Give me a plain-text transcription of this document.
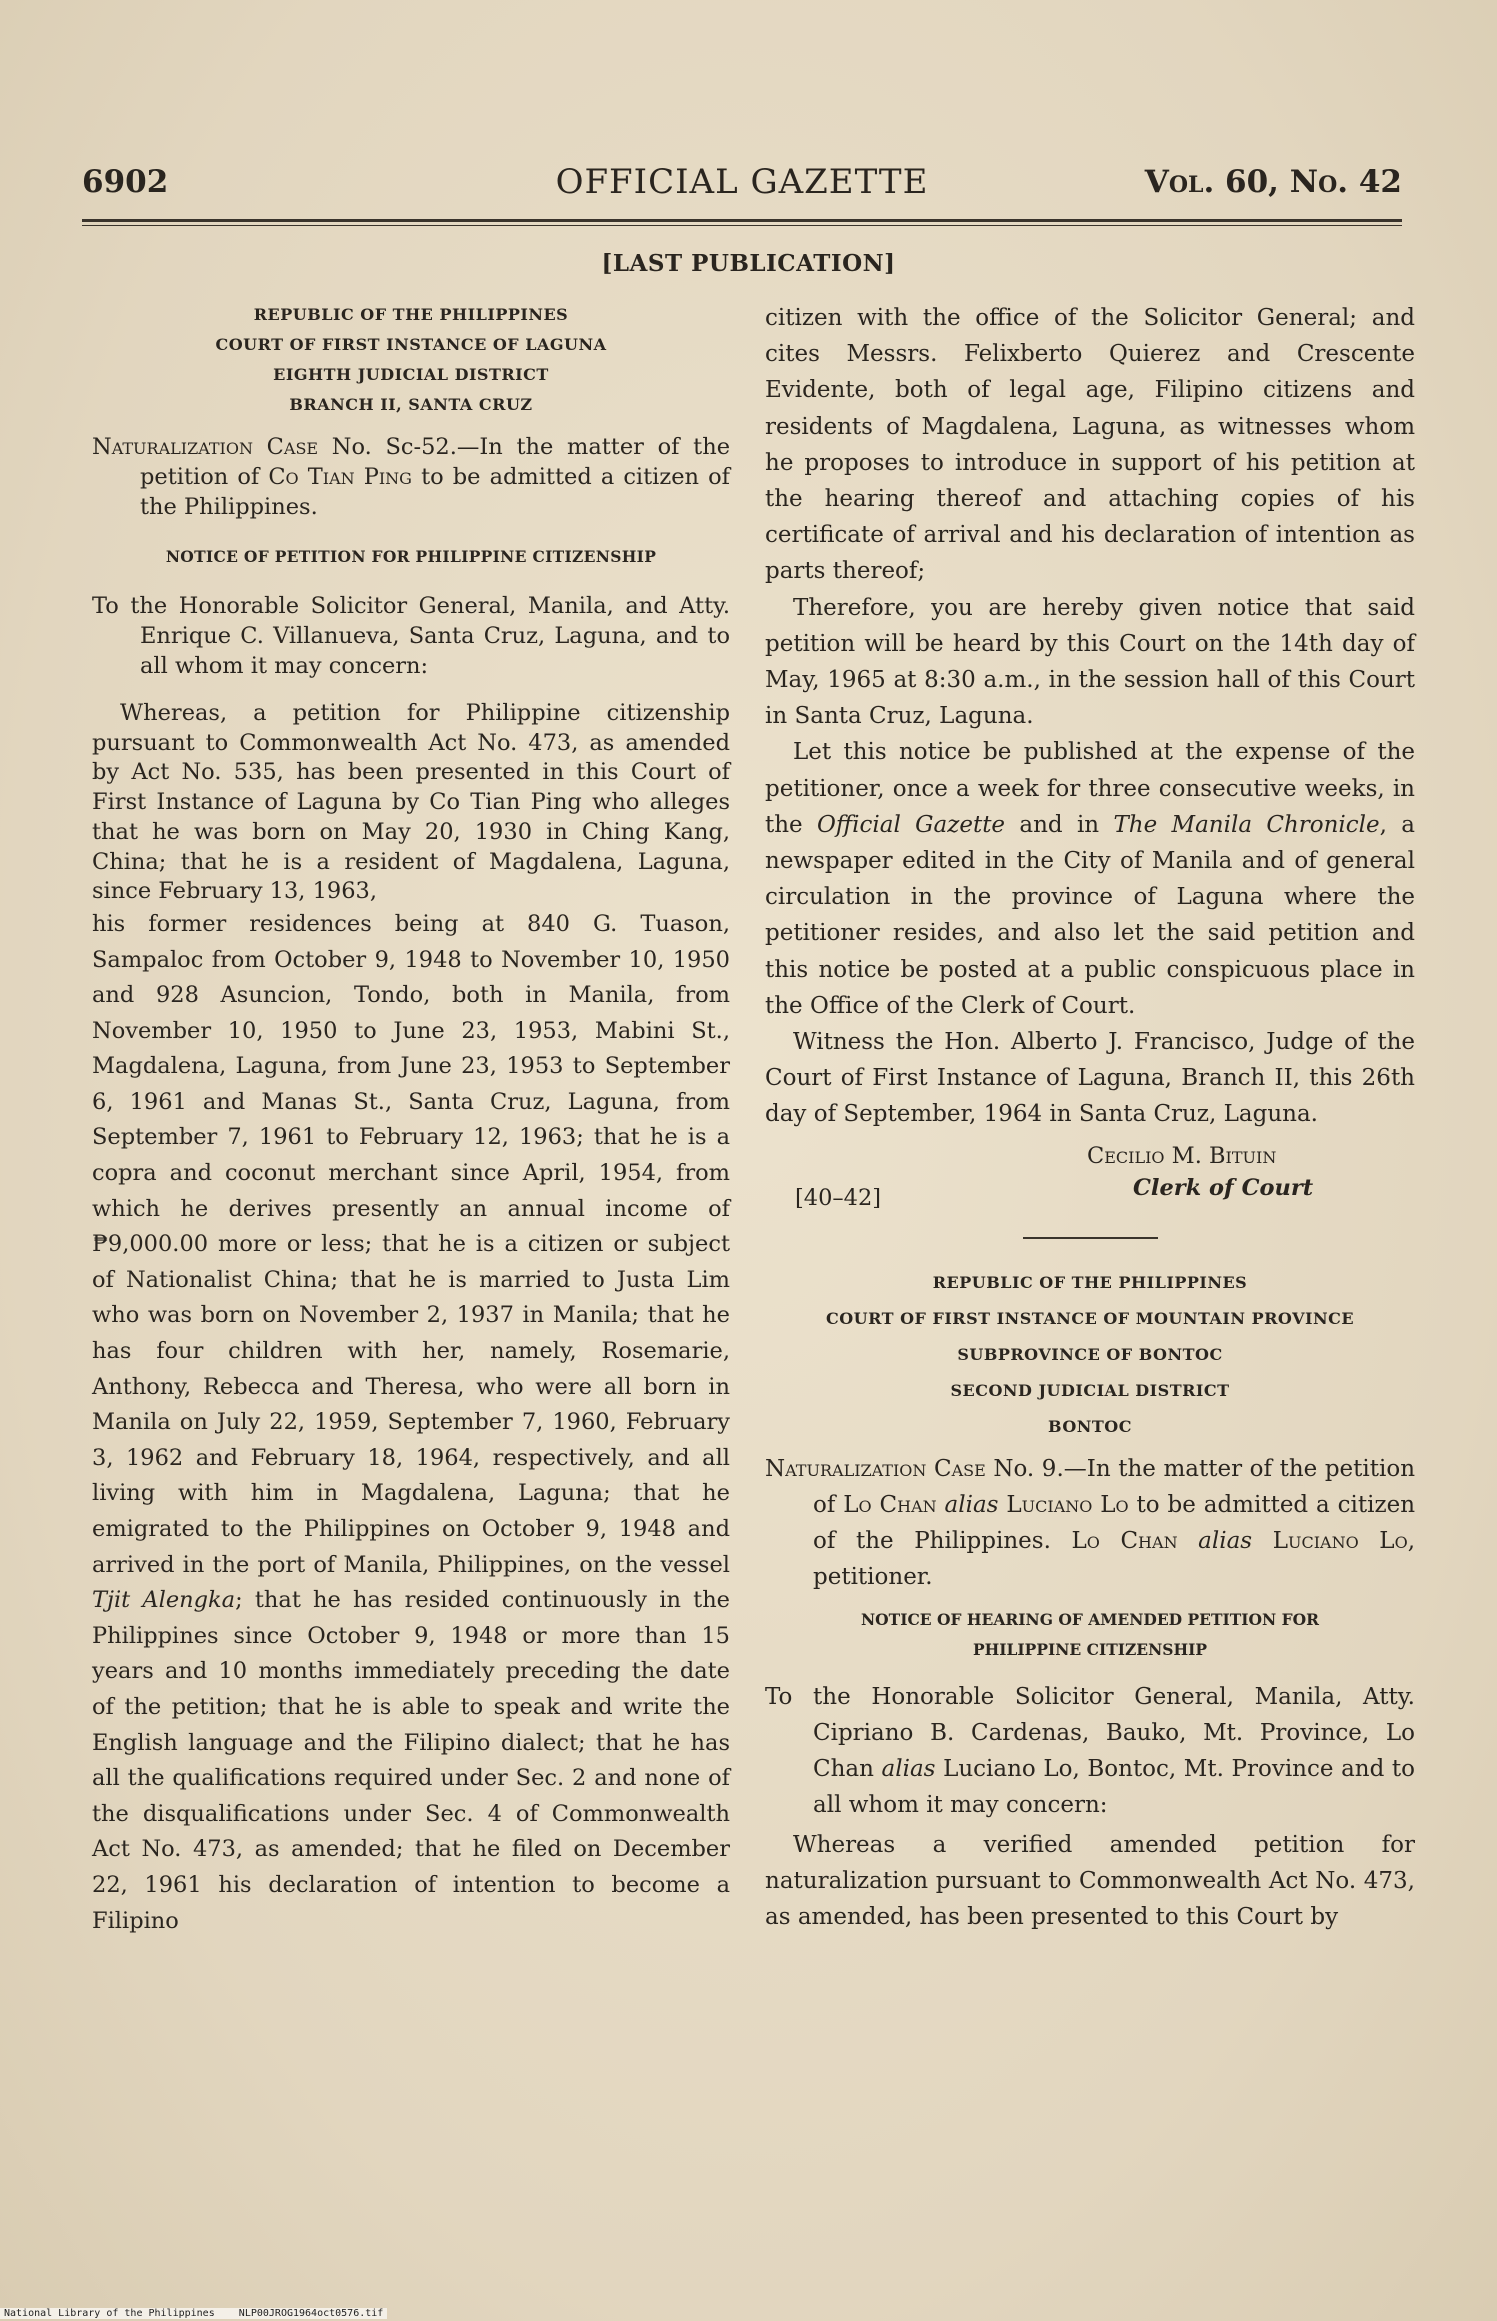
6902	OFFICIAL GAZETTE	Vol. 60, No. 42
[LAST PUBLICATION]
REPUBLIC OF THE PHILIPPINES
COURT OF FIRST INSTANCE OF LAGUNA
EIGHTH JUDICIAL DISTRICT
BRANCH II, SANTA CRUZ

Naturalization Case No. Sc-52.—In the matter of the petition of Co Tian Ping to be admitted a citizen of the Philippines.

NOTICE OF PETITION FOR PHILIPPINE CITIZENSHIP

To the Honorable Solicitor General, Manila, and Atty. Enrique C. Villanueva, Santa Cruz, Laguna, and to all whom it may concern:

Whereas, a petition for Philippine citizenship pursuant to Commonwealth Act No. 473, as amended by Act No. 535, has been presented in this Court of First Instance of Laguna by Co Tian Ping who alleges that he was born on May 20, 1930 in Ching Kang, China; that he is a resident of Magdalena, Laguna, since February 13, 1963,

his former residences being at 840 G. Tuason, Sampaloc from October 9, 1948 to November 10, 1950 and 928 Asuncion, Tondo, both in Manila, from November 10, 1950 to June 23, 1953, Mabini St., Magdalena, Laguna, from June 23, 1953 to September 6, 1961 and Manas St., Santa Cruz, Laguna, from September 7, 1961 to February 12, 1963; that he is a copra and coconut merchant since April, 1954, from which he derives presently an annual income of ₱9,000.00 more or less; that he is a citizen or subject of Nationalist China; that he is married to Justa Lim who was born on November 2, 1937 in Manila; that he has four children with her, namely, Rosemarie, Anthony, Rebecca and Theresa, who were all born in Manila on July 22, 1959, September 7, 1960, February 3, 1962 and February 18, 1964, respectively, and all living with him in Magdalena, Laguna; that he emigrated to the Philippines on October 9, 1948 and arrived in the port of Manila, Philippines, on the vessel Tjit Alengka; that he has resided continuously in the Philippines since October 9, 1948 or more than 15 years and 10 months immediately preceding the date of the petition; that he is able to speak and write the English language and the Filipino dialect; that he has all the qualifications required under Sec. 2 and none of the disqualifications under Sec. 4 of Commonwealth Act No. 473, as amended; that he filed on December 22, 1961 his declaration of intention to become a Filipino

citizen with the office of the Solicitor General; and cites Messrs. Felixberto Quierez and Crescente Evidente, both of legal age, Filipino citizens and residents of Magdalena, Laguna, as witnesses whom he proposes to introduce in support of his petition at the hearing thereof and attaching copies of his certificate of arrival and his declaration of intention as parts thereof;

Therefore, you are hereby given notice that said petition will be heard by this Court on the 14th day of May, 1965 at 8:30 a.m., in the session hall of this Court in Santa Cruz, Laguna.

Let this notice be published at the expense of the petitioner, once a week for three consecutive weeks, in the Official Gazette and in The Manila Chronicle, a newspaper edited in the City of Manila and of general circulation in the province of Laguna where the petitioner resides, and also let the said petition and this notice be posted at a public conspicuous place in the Office of the Clerk of Court.

Witness the Hon. Alberto J. Francisco, Judge of the Court of First Instance of Laguna, Branch II, this 26th day of September, 1964 in Santa Cruz, Laguna.

Cecilio M. Bituin
Clerk of Court
[40–42]
REPUBLIC OF THE PHILIPPINES
COURT OF FIRST INSTANCE OF MOUNTAIN PROVINCE
SUBPROVINCE OF BONTOC
SECOND JUDICIAL DISTRICT
BONTOC

Naturalization Case No. 9.—In the matter of the petition of Lo Chan alias Luciano Lo to be admitted a citizen of the Philippines. Lo Chan alias Luciano Lo, petitioner.

NOTICE OF HEARING OF AMENDED PETITION FOR
PHILIPPINE CITIZENSHIP

To the Honorable Solicitor General, Manila, Atty. Cipriano B. Cardenas, Bauko, Mt. Province, Lo Chan alias Luciano Lo, Bontoc, Mt. Province and to all whom it may concern:

Whereas a verified amended petition for naturalization pursuant to Commonwealth Act No. 473, as amended, has been presented to this Court by

National Library of the Philippines    NLP00JROG1964oct0576.tif
